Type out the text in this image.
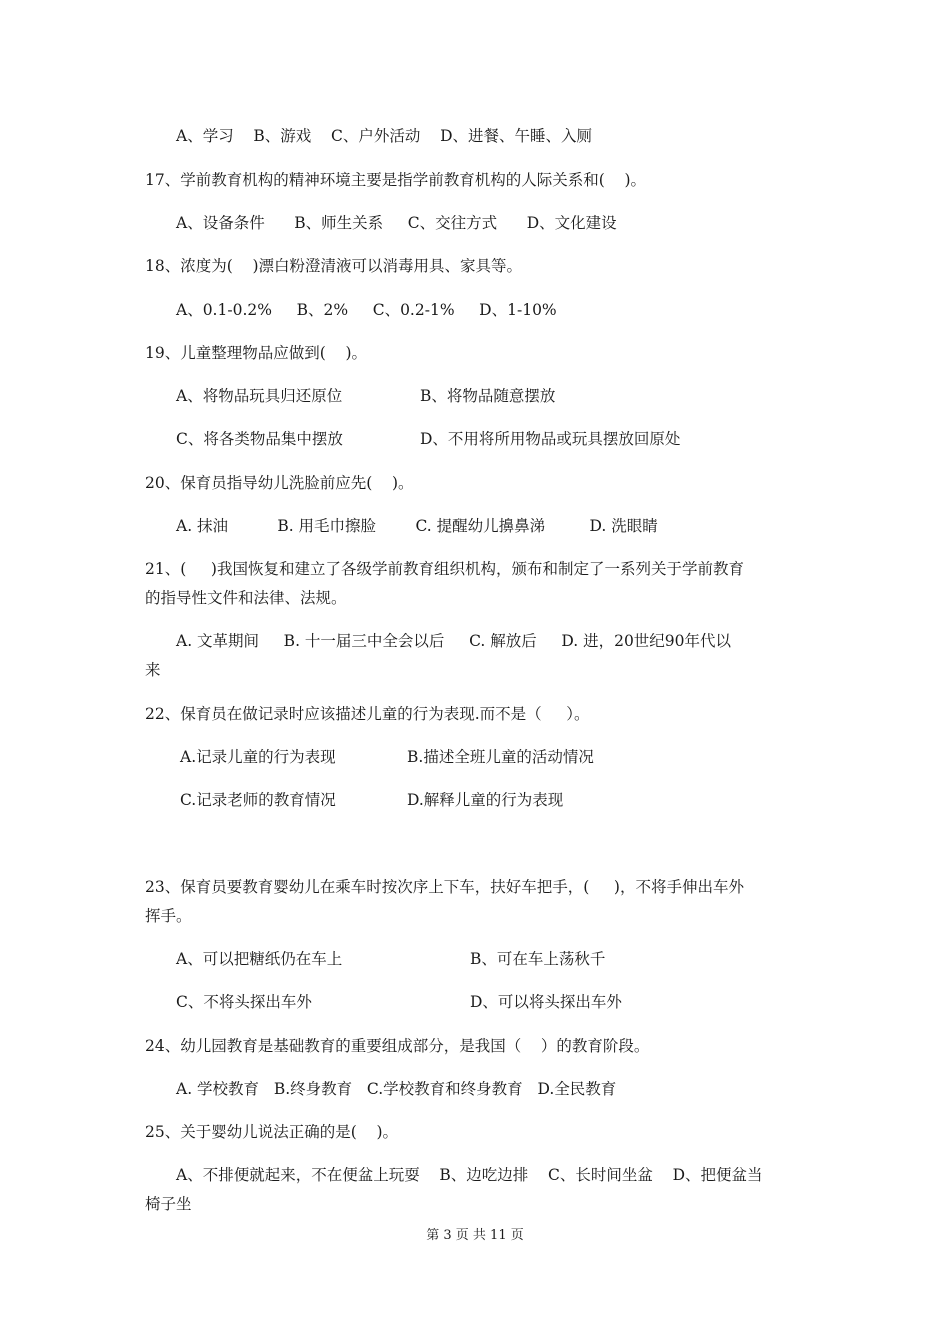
A、学习    B、游戏    C、户外活动    D、进餐、午睡、入厕

17、学前教育机构的精神环境主要是指学前教育机构的人际关系和(    )。

A、设备条件      B、师生关系     C、交往方式      D、文化建设

18、浓度为(    )漂白粉澄清液可以消毒用具、家具等。

A、0.1-0.2%     B、2%     C、0.2-1%     D、1-10%

19、儿童整理物品应做到(    )。

A、将物品玩具归还原位	B、将物品随意摆放

C、将各类物品集中摆放	D、不用将所用物品或玩具摆放回原处

20、保育员指导幼儿洗脸前应先(    )。

A. 抹油          B. 用毛巾擦脸        C. 提醒幼儿擤鼻涕         D. 洗眼睛

21、(     )我国恢复和建立了各级学前教育组织机构，颁布和制定了一系列关于学前教育

的指导性文件和法律、法规。

A. 文革期间     B. 十一届三中全会以后     C. 解放后     D. 进，20世纪90年代以

来

22、保育员在做记录时应该描述儿童的行为表现.而不是（     ）。

A.记录儿童的行为表现	B.描述全班儿童的活动情况

C.记录老师的教育情况	D.解释儿童的行为表现

23、保育员要教育婴幼儿在乘车时按次序上下车，扶好车把手，(     )，不将手伸出车外

挥手。

A、可以把糖纸仍在车上	B、可在车上荡秋千

C、不将头探出车外	D、可以将头探出车外

24、幼儿园教育是基础教育的重要组成部分，是我国（    ）的教育阶段。

A. 学校教育   B.终身教育   C.学校教育和终身教育   D.全民教育

25、关于婴幼儿说法正确的是(    )。

A、不排便就起来，不在便盆上玩耍    B、边吃边排    C、长时间坐盆    D、把便盆当

椅子坐

第 3 页 共 11 页
